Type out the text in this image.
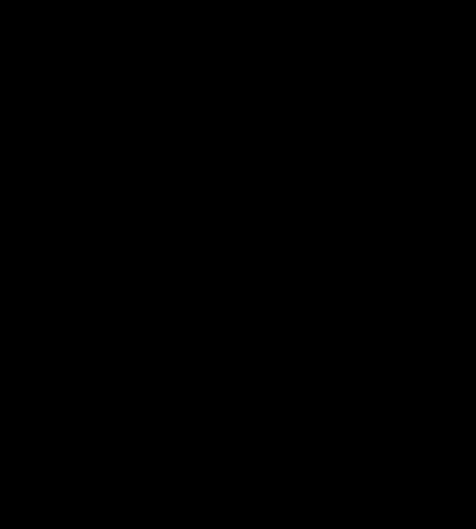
Opis przedmiotu wynajmu:

Lokal mieszkalny nr 1 położony jest na I piętrze budynku eksploatacyjno-mieszkalnego stanowiącego własność Poczty Polskiej S.A. Składa się z 3 izb o łącznej powierzchni użytkowej 56,93 m², w tym powierzchni pokoi 33,72 m² (1 pokój 28,09 m², 2 pokój 5,63 m²), kuchni 12,99 m², przedpokój 4,41 m², łazienka z wc 5,81 m². Do lokalu mieszkalnego przynależy pomieszczenie w piwnicy o powierzchni użytkowej 10,08 m². Stan techniczny lokalu przeciętny.

Lokal mieszkalny nr 2 położony jest na I piętrze budynku eksploatacyjno-mieszkalnego stanowiącego własność Poczty Polskiej S.A. Składa się z 4 izb o łącznej powierzchni użytkowej 62,01 m², w tym powierzchni pokoi 40,66 m² (1 pokój 22,50 m² 2 pokój 9,04 m², 3 pokój 9,12 m²), kuchni 9,42 m², przedpokój 6,01 m², łazienka z wc 5,92 m². Do lokalu mieszkalnego przynależy pomieszczenie w piwnicy o powierzchni użytkowej 25,70 m². Stan techniczny lokalu przeciętny.

Wyposażenie lokalu nr 1 i nr 2 stanowi instalacja elektryczna, centralnego ogrzewania i wodno-kanalizacyjna. Najemcy lokali mieszkalnych, oprócz czynszu, będą uiszczać opłaty obejmujące koszty: centralnego ogrzewania, zużycia wody, odprowadzenia ścieków i wywozu nieczystości stałych. Koszty energii elektrycznej będą pokrywane przez najemców w oparciu o odrębne umowy, zawarte indywidualnie przez najemców z dostawcą media.
